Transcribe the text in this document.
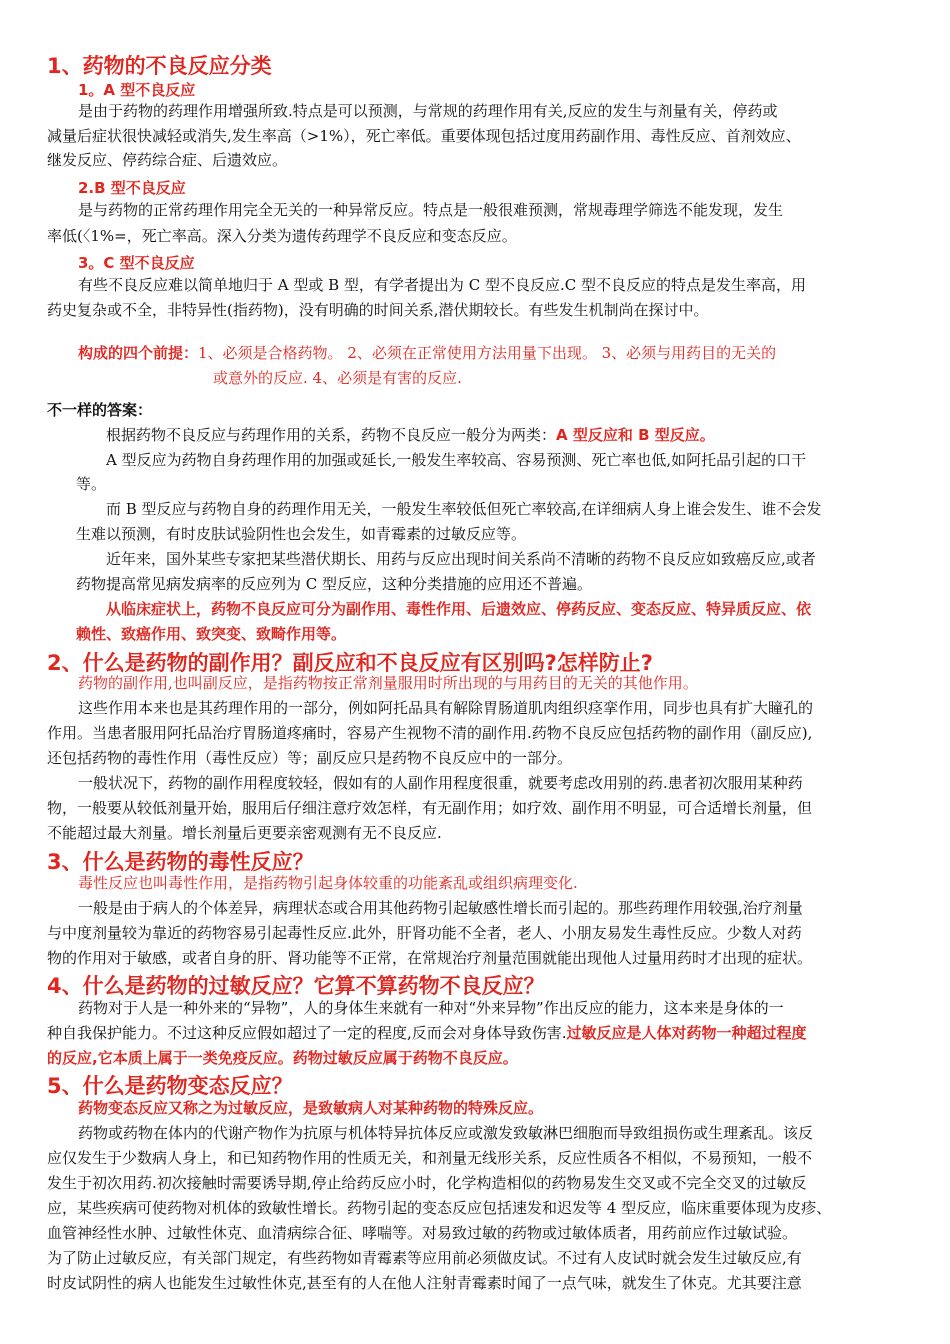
1、药物的不良反应分类
1。A 型不良反应
是由于药物的药理作用增强所致.特点是可以预测，与常规的药理作用有关,反应的发生与剂量有关，停药或
减量后症状很快减轻或消失,发生率高（>1%），死亡率低。重要体现包括过度用药副作用、毒性反应、首剂效应、
继发反应、停药综合症、后遗效应。
2.B 型不良反应
是与药物的正常药理作用完全无关的一种异常反应。特点是一般很难预测，常规毒理学筛选不能发现，发生
率低(〈1%=，死亡率高。深入分类为遗传药理学不良反应和变态反应。
3。C 型不良反应
有些不良反应难以简单地归于 A 型或 B 型，有学者提出为 C 型不良反应.C 型不良反应的特点是发生率高，用
药史复杂或不全，非特异性(指药物)，没有明确的时间关系,潜伏期较长。有些发生机制尚在探讨中。
构成的四个前提：1、必须是合格药物。 2、必须在正常使用方法用量下出现。 3、必须与用药目的无关的
或意外的反应. 4、必须是有害的反应.
不一样的答案：
根据药物不良反应与药理作用的关系，药物不良反应一般分为两类：A 型反应和 B 型反应。
A 型反应为药物自身药理作用的加强或延长,一般发生率较高、容易预测、死亡率也低,如阿托品引起的口干
等。
而 B 型反应与药物自身的药理作用无关，一般发生率较低但死亡率较高,在详细病人身上谁会发生、谁不会发
生难以预测，有时皮肤试验阴性也会发生，如青霉素的过敏反应等。
近年来，国外某些专家把某些潜伏期长、用药与反应出现时间关系尚不清晰的药物不良反应如致癌反应,或者
药物提高常见病发病率的反应列为 C 型反应，这种分类措施的应用还不普遍。
从临床症状上，药物不良反应可分为副作用、毒性作用、后遗效应、停药反应、变态反应、特异质反应、依
赖性、致癌作用、致突变、致畸作用等。
2、什么是药物的副作用？副反应和不良反应有区别吗?怎样防止?
药物的副作用,也叫副反应，是指药物按正常剂量服用时所出现的与用药目的无关的其他作用。
这些作用本来也是其药理作用的一部分，例如阿托品具有解除胃肠道肌肉组织痉挛作用，同步也具有扩大瞳孔的
作用。当患者服用阿托品治疗胃肠道疼痛时，容易产生视物不清的副作用.药物不良反应包括药物的副作用（副反应),
还包括药物的毒性作用（毒性反应）等；副反应只是药物不良反应中的一部分。
一般状况下，药物的副作用程度较轻，假如有的人副作用程度很重，就要考虑改用别的药.患者初次服用某种药
物，一般要从较低剂量开始，服用后仔细注意疗效怎样，有无副作用；如疗效、副作用不明显，可合适增长剂量，但
不能超过最大剂量。增长剂量后更要亲密观测有无不良反应.
3、什么是药物的毒性反应？
毒性反应也叫毒性作用，是指药物引起身体较重的功能紊乱或组织病理变化.
一般是由于病人的个体差异，病理状态或合用其他药物引起敏感性增长而引起的。那些药理作用较强,治疗剂量
与中度剂量较为靠近的药物容易引起毒性反应.此外，肝肾功能不全者，老人、小朋友易发生毒性反应。少数人对药
物的作用对于敏感，或者自身的肝、肾功能等不正常，在常规治疗剂量范围就能出现他人过量用药时才出现的症状。
4、什么是药物的过敏反应？它算不算药物不良反应？
药物对于人是一种外来的“异物”，人的身体生来就有一种对“外来异物”作出反应的能力，这本来是身体的一
种自我保护能力。不过这种反应假如超过了一定的程度,反而会对身体导致伤害.过敏反应是人体对药物一种超过程度
的反应,它本质上属于一类免疫反应。药物过敏反应属于药物不良反应。
5、什么是药物变态反应？
药物变态反应又称之为过敏反应，是致敏病人对某种药物的特殊反应。
药物或药物在体内的代谢产物作为抗原与机体特异抗体反应或激发致敏淋巴细胞而导致组损伤或生理紊乱。该反
应仅发生于少数病人身上，和已知药物作用的性质无关，和剂量无线形关系，反应性质各不相似，不易预知，一般不
发生于初次用药.初次接触时需要诱导期,停止给药反应小时，化学构造相似的药物易发生交叉或不完全交叉的过敏反
应，某些疾病可使药物对机体的致敏性增长。药物引起的变态反应包括速发和迟发等 4 型反应，临床重要体现为皮疹、
血管神经性水肿、过敏性休克、血清病综合征、哮喘等。对易致过敏的药物或过敏体质者，用药前应作过敏试验。
为了防止过敏反应，有关部门规定，有些药物如青霉素等应用前必须做皮试。不过有人皮试时就会发生过敏反应,有
时皮试阴性的病人也能发生过敏性休克,甚至有的人在他人注射青霉素时闻了一点气味，就发生了休克。尤其要注意
